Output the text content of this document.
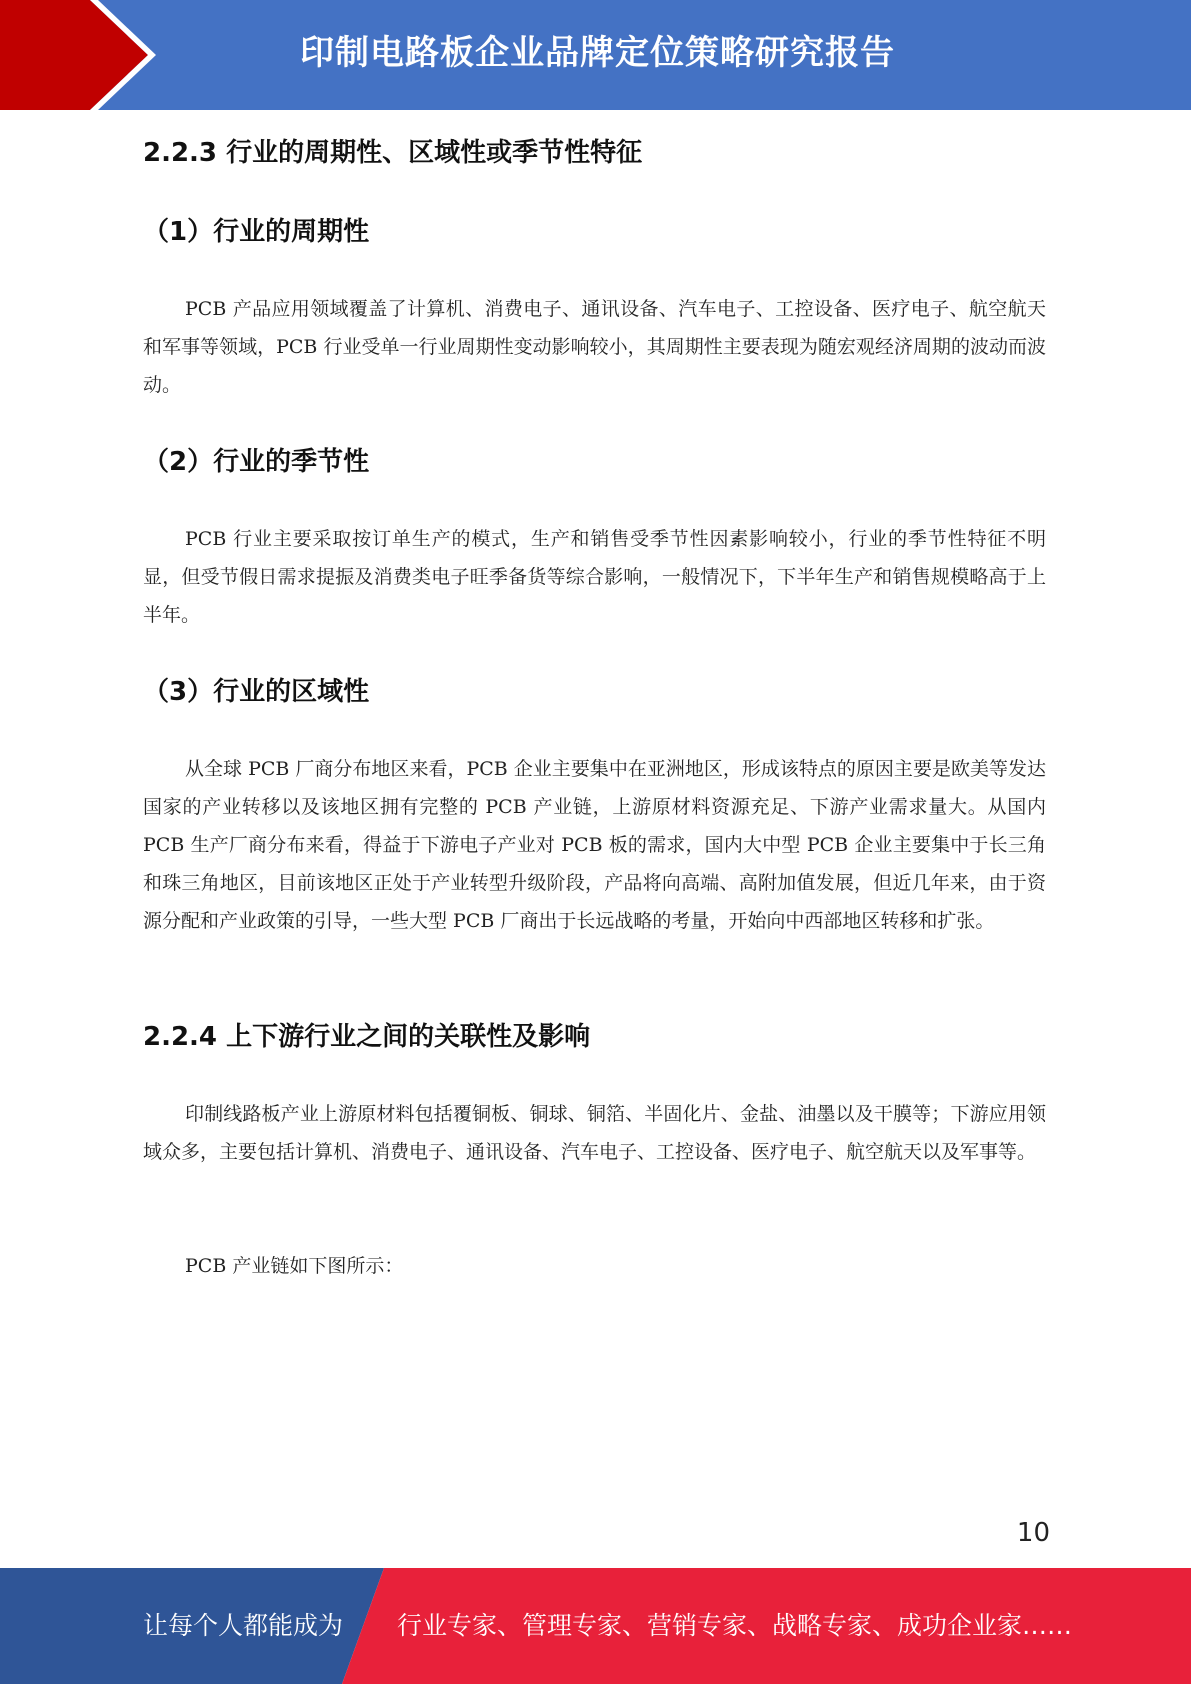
印制电路板企业品牌定位策略研究报告
2.2.3 行业的周期性、区域性或季节性特征
（1）行业的周期性
PCB 产品应用领域覆盖了计算机、消费电子、通讯设备、汽车电子、工控设备、医疗电子、航空航天和军事等领域，PCB 行业受单一行业周期性变动影响较小，其周期性主要表现为随宏观经济周期的波动而波动。
（2）行业的季节性
PCB 行业主要采取按订单生产的模式，生产和销售受季节性因素影响较小，行业的季节性特征不明显，但受节假日需求提振及消费类电子旺季备货等综合影响，一般情况下，下半年生产和销售规模略高于上半年。
（3）行业的区域性
从全球 PCB 厂商分布地区来看，PCB 企业主要集中在亚洲地区，形成该特点的原因主要是欧美等发达国家的产业转移以及该地区拥有完整的 PCB 产业链，上游原材料资源充足、下游产业需求量大。从国内 PCB 生产厂商分布来看，得益于下游电子产业对 PCB 板的需求，国内大中型 PCB 企业主要集中于长三角和珠三角地区，目前该地区正处于产业转型升级阶段，产品将向高端、高附加值发展，但近几年来，由于资源分配和产业政策的引导，一些大型 PCB 厂商出于长远战略的考量，开始向中西部地区转移和扩张。
2.2.4 上下游行业之间的关联性及影响
印制线路板产业上游原材料包括覆铜板、铜球、铜箔、半固化片、金盐、油墨以及干膜等；下游应用领域众多，主要包括计算机、消费电子、通讯设备、汽车电子、工控设备、医疗电子、航空航天以及军事等。
PCB 产业链如下图所示：
10
让每个人都能成为 行业专家、管理专家、营销专家、战略专家、成功企业家……
